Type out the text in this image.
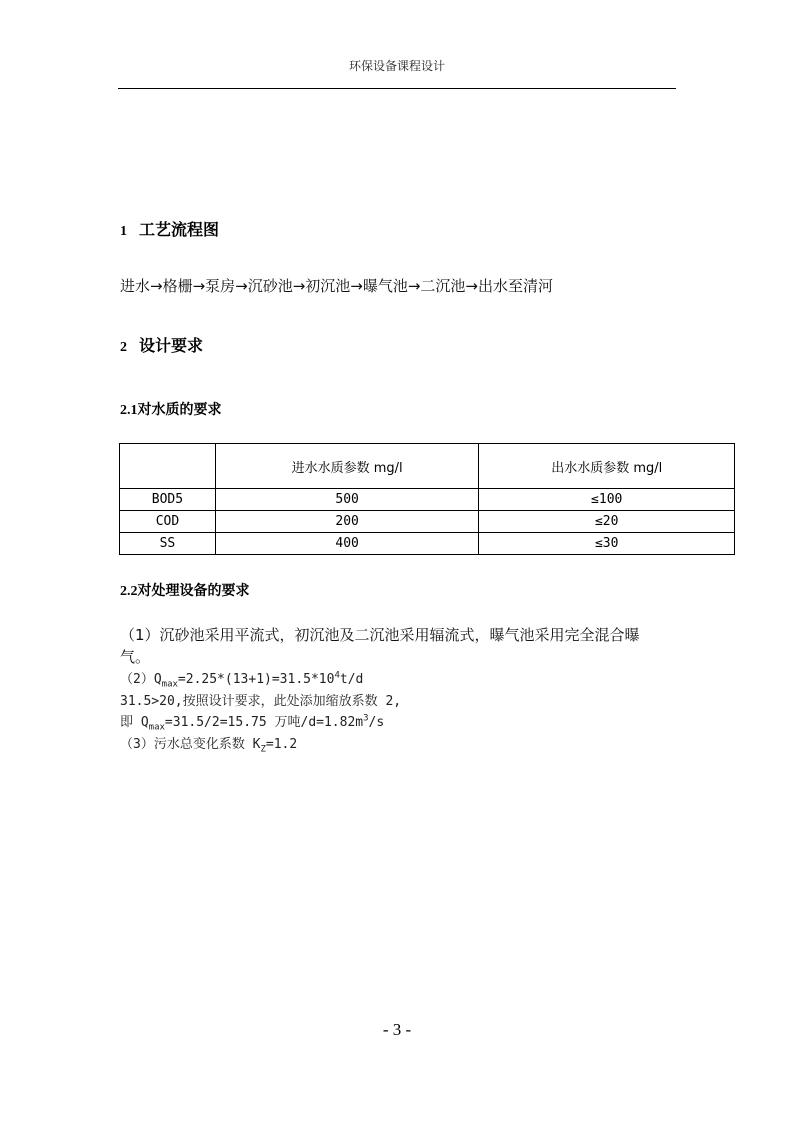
环保设备课程设计
1 工艺流程图
进水→格栅→泵房→沉砂池→初沉池→曝气池→二沉池→出水至清河
2 设计要求
2.1对水质的要求
	进水水质参数 mg/l	出水水质参数 mg/l
BOD5	500	≤100
COD	200	≤20
SS	400	≤30
2.2对处理设备的要求
（1）沉砂池采用平流式，初沉池及二沉池采用辐流式，曝气池采用完全混合曝
气。
$(2)Q_{max}=2.25*(13+1)=31.5*10^4t/d$
31.5>20,按照设计要求，此处添加缩放系数 2,
即 $Q_{max}=31.5/2=15.75$ 万吨$/d=1.82m^3/s$
（3）污水总变化系数 $K_Z=1.2$
- 3 -
